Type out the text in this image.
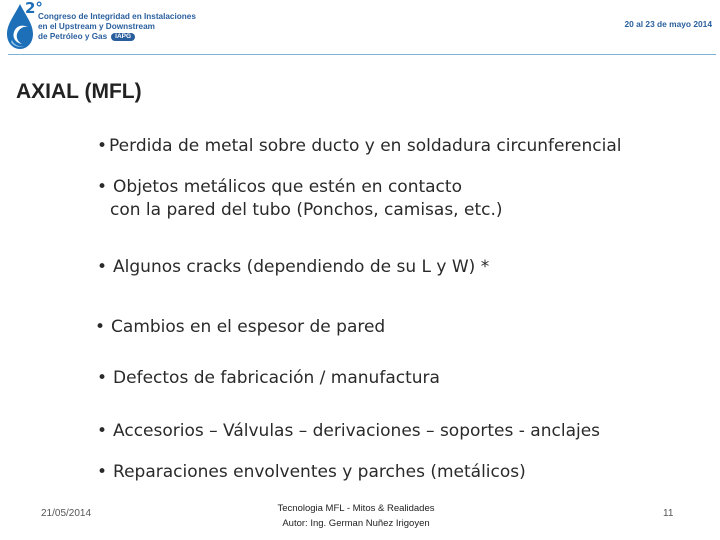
2°
Congreso de Integridad en Instalaciones
en el Upstream y Downstream
de Petróleo y Gas IAPG
20 al 23 de mayo 2014
AXIAL (MFL)
• Perdida de metal sobre ducto y en soldadura circunferencial
• Objetos metálicos que estén en contacto
con la pared del tubo (Ponchos, camisas, etc.)
• Algunos cracks (dependiendo de su L y W) *
• Cambios en el espesor de pared
• Defectos de fabricación / manufactura
• Accesorios – Válvulas – derivaciones – soportes - anclajes
• Reparaciones envolventes y parches (metálicos)
21/05/2014	Tecnologia MFL - Mitos & Realidades
Autor: Ing. German Nuñez Irigoyen
11
